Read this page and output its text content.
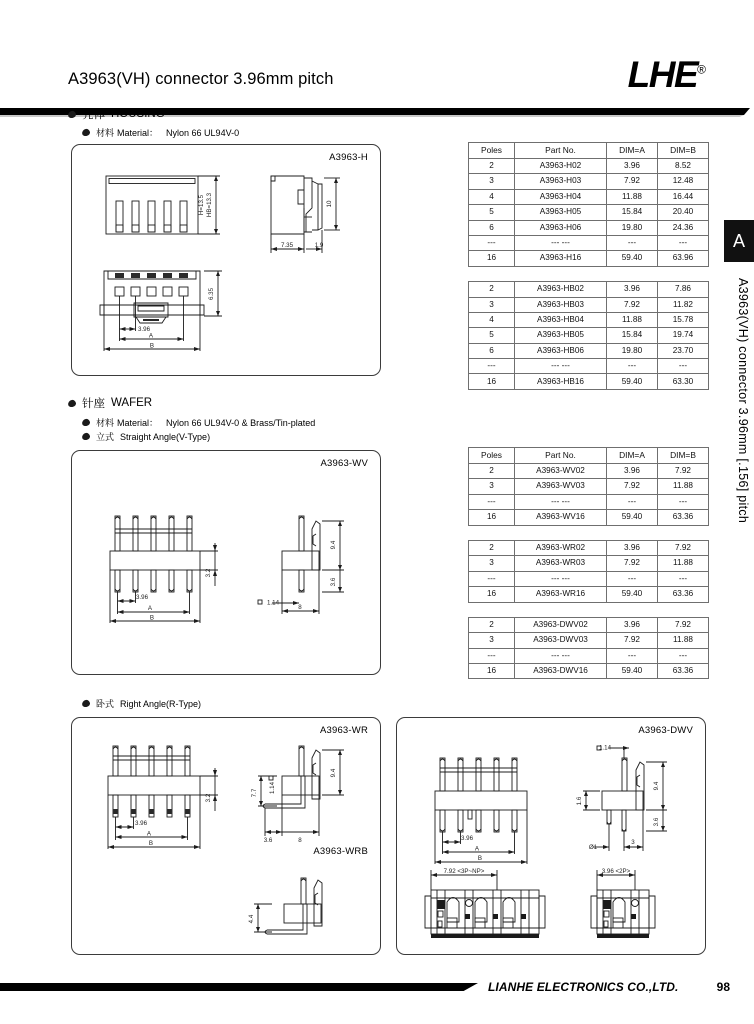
A3963(VH) connector 3.96mm pitch	LHE®
壳体 HOUSING
材料 Material： Nylon 66 UL94V-0
A3963-H
H=13.5 HB=13.3	10
7.35	1.9
6.35
3.96
A
B
Poles	Part No.	DIM=A	DIM=B
2	A3963-H02	3.96	8.52
3	A3963-H03	7.92	12.48
4	A3963-H04	11.88	16.44
5	A3963-H05	15.84	20.40
6	A3963-H06	19.80	24.36
---	--- ---	---	---
16	A3963-H16	59.40	63.96

2	A3963-HB02	3.96	7.86
3	A3963-HB03	7.92	11.82
4	A3963-HB04	11.88	15.78
5	A3963-HB05	15.84	19.74
6	A3963-HB06	19.80	23.70
---	--- ---	---	---
16	A3963-HB16	59.40	63.30
针座 WAFER
材料 Material： Nylon 66 UL94V-0 & Brass/Tin-plated
立式 Straight Angle(V-Type)
A3963-WV
3.2
3.96
A
B
9.4
3.6
1.14
8
Poles	Part No.	DIM=A	DIM=B
2	A3963-WV02	3.96	7.92
3	A3963-WV03	7.92	11.88
---	--- ---	---	---
16	A3963-WV16	59.40	63.36

2	A3963-WR02	3.96	7.92
3	A3963-WR03	7.92	11.88
---	--- ---	---	---
16	A3963-WR16	59.40	63.36

2	A3963-DWV02	3.96	7.92
3	A3963-DWV03	7.92	11.88
---	--- ---	---	---
16	A3963-DWV16	59.40	63.36
卧式 Right Angle(R-Type)
A3963-WR
A3963-WRB
3.2
3.96
A
B
9.4
7.7 1.14
3.6	8
4.4
A3963-DWV
3.96
A
B
1.14
9.4
3.6
1.6
Ø1
3
7.92 <3P~NP>	3.96 <2P>
A
A3963(VH) connector 3.96mm [.156] pitch
LIANHE ELECTRONICS CO.,LTD.	98
